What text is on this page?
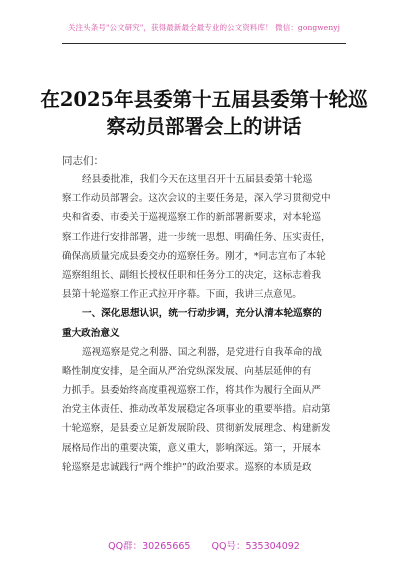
关注头条号"公文研究"，获得最新最全最专业的公文资料库！ 微信：gongwenyj
在2025年县委第十五届县委第十轮巡
察动员部署会上的讲话
同志们：
经县委批准，我们今天在这里召开十五届县委第十轮巡
察工作动员部署会。这次会议的主要任务是，深入学习贯彻党中
央和省委、市委关于巡视巡察工作的新部署新要求，对本轮巡
察工作进行安排部署，进一步统一思想、明确任务、压实责任，
确保高质量完成县委交办的巡察任务。刚才，*同志宣布了本轮
巡察组组长、副组长授权任职和任务分工的决定，这标志着我
县第十轮巡察工作正式拉开序幕。下面，我讲三点意见。
一、深化思想认识，统一行动步调，充分认清本轮巡察的
重大政治意义
巡视巡察是党之利器、国之利器，是党进行自我革命的战
略性制度安排，是全面从严治党纵深发展、向基层延伸的有
力抓手。县委始终高度重视巡察工作，将其作为履行全面从严
治党主体责任、推动改革发展稳定各项事业的重要举措。启动第
十轮巡察，是县委立足新发展阶段、贯彻新发展理念、构建新发
展格局作出的重要决策，意义重大，影响深远。第一，开展本
轮巡察是忠诚践行“两个维护”的政治要求。巡察的本质是政
QQ群：30265665 QQ号：535304092
